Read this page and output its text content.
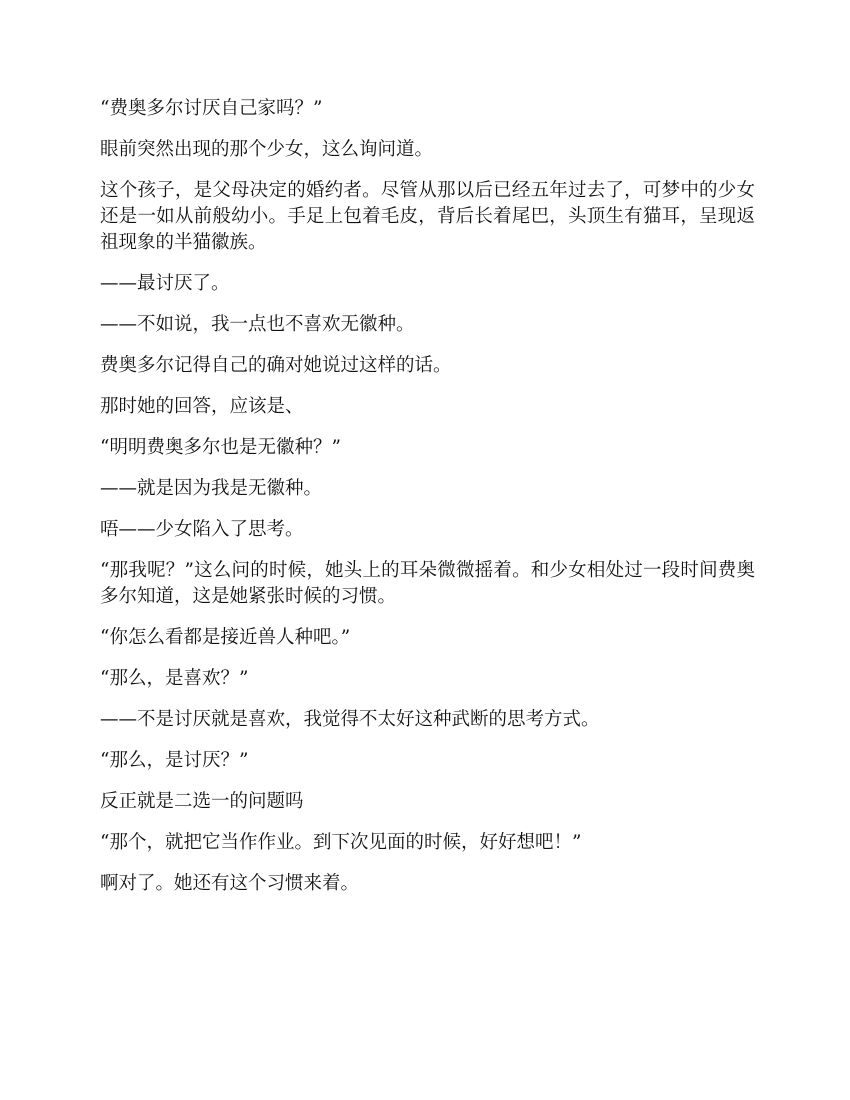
“费奥多尔讨厌自己家吗？”

眼前突然出现的那个少女，这么询问道。

这个孩子，是父母决定的婚约者。尽管从那以后已经五年过去了，可梦中的少女还是一如从前般幼小。手足上包着毛皮，背后长着尾巴，头顶生有猫耳，呈现返祖现象的半猫徽族。

——最讨厌了。

——不如说，我一点也不喜欢无徽种。

费奥多尔记得自己的确对她说过这样的话。

那时她的回答，应该是、

“明明费奥多尔也是无徽种？”

——就是因为我是无徽种。

唔——少女陷入了思考。

“那我呢？”这么问的时候，她头上的耳朵微微摇着。和少女相处过一段时间费奥多尔知道，这是她紧张时候的习惯。

“你怎么看都是接近兽人种吧。”

“那么，是喜欢？”

——不是讨厌就是喜欢，我觉得不太好这种武断的思考方式。

“那么，是讨厌？”

反正就是二选一的问题吗

“那个，就把它当作作业。到下次见面的时候，好好想吧！”

啊对了。她还有这个习惯来着。
